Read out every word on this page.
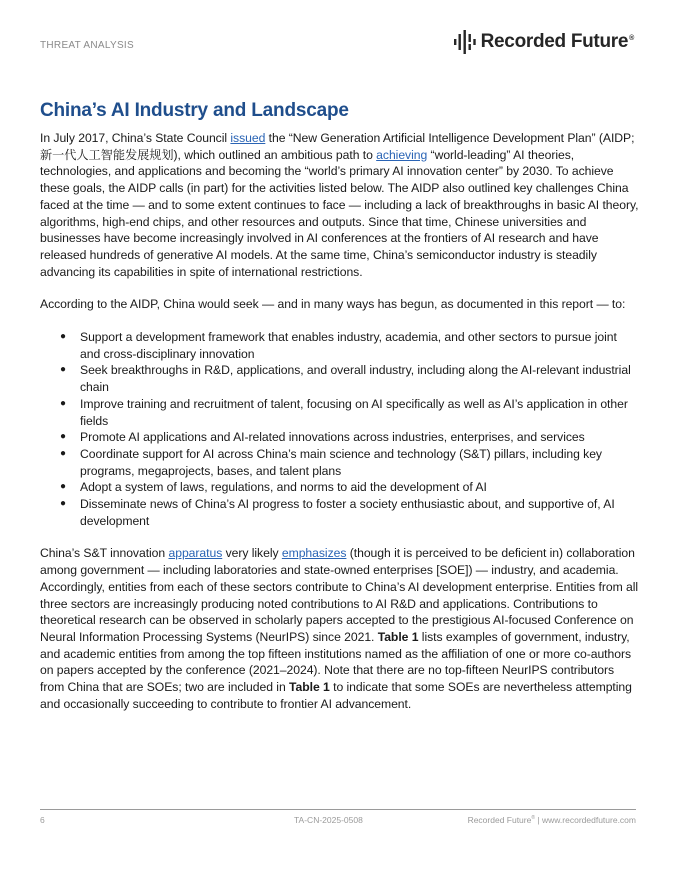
THREAT ANALYSIS	Recorded Future®
China’s AI Industry and Landscape

In July 2017, China’s State Council issued the “New Generation Artificial Intelligence Development Plan” (AIDP; 新一代人工智能发展规划), which outlined an ambitious path to achieving “world-leading” AI theories, technologies, and applications and becoming the “world’s primary AI innovation center” by 2030. To achieve these goals, the AIDP calls (in part) for the activities listed below. The AIDP also outlined key challenges China faced at the time — and to some extent continues to face — including a lack of breakthroughs in basic AI theory, algorithms, high-end chips, and other resources and outputs. Since that time, Chinese universities and businesses have become increasingly involved in AI conferences at the frontiers of AI research and have released hundreds of generative AI models. At the same time, China’s semiconductor industry is steadily advancing its capabilities in spite of international restrictions.

According to the AIDP, China would seek — and in many ways has begun, as documented in this report — to:

● Support a development framework that enables industry, academia, and other sectors to pursue joint and cross-disciplinary innovation
● Seek breakthroughs in R&D, applications, and overall industry, including along the AI-relevant industrial chain
● Improve training and recruitment of talent, focusing on AI specifically as well as AI’s application in other fields
● Promote AI applications and AI-related innovations across industries, enterprises, and services
● Coordinate support for AI across China’s main science and technology (S&T) pillars, including key programs, megaprojects, bases, and talent plans
● Adopt a system of laws, regulations, and norms to aid the development of AI
● Disseminate news of China’s AI progress to foster a society enthusiastic about, and supportive of, AI development

China’s S&T innovation apparatus very likely emphasizes (though it is perceived to be deficient in) collaboration among government — including laboratories and state-owned enterprises [SOE]) — industry, and academia. Accordingly, entities from each of these sectors contribute to China’s AI development enterprise. Entities from all three sectors are increasingly producing noted contributions to AI R&D and applications. Contributions to theoretical research can be observed in scholarly papers accepted to the prestigious AI-focused Conference on Neural Information Processing Systems (NeurIPS) since 2021. Table 1 lists examples of government, industry, and academic entities from among the top fifteen institutions named as the affiliation of one or more co-authors on papers accepted by the conference (2021–2024). Note that there are no top-fifteen NeurIPS contributors from China that are SOEs; two are included in Table 1 to indicate that some SOEs are nevertheless attempting and occasionally succeeding to contribute to frontier AI advancement.

6	TA-CN-2025-0508	Recorded Future® | www.recordedfuture.com
